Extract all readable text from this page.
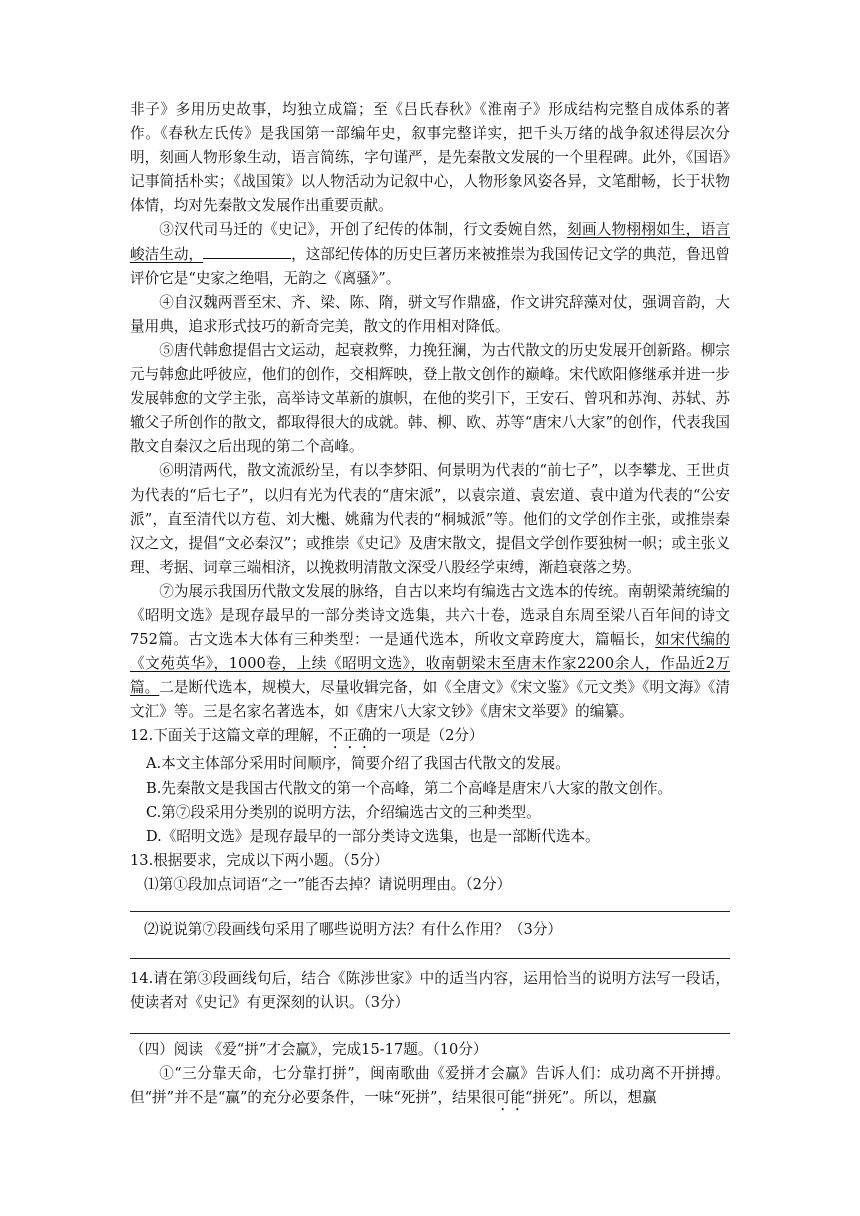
非子》多用历史故事，均独立成篇；至《吕氏春秋》《淮南子》形成结构完整自成体系的著作。《春秋左氏传》是我国第一部编年史，叙事完整详实，把千头万绪的战争叙述得层次分明，刻画人物形象生动，语言简练，字句谨严，是先秦散文发展的一个里程碑。此外，《国语》记事简括朴实；《战国策》以人物活动为记叙中心，人物形象风姿各异，文笔酣畅，长于状物体情，均对先秦散文发展作出重要贡献。

③汉代司马迁的《史记》，开创了纪传的体制，行文委婉自然，刻画人物栩栩如生，语言峻洁生动，	，这部纪传体的历史巨著历来被推崇为我国传记文学的典范，鲁迅曾评价它是“史家之绝唱，无韵之《离骚》”。

④自汉魏两晋至宋、齐、梁、陈、隋，骈文写作鼎盛，作文讲究辞藻对仗，强调音韵，大量用典，追求形式技巧的新奇完美，散文的作用相对降低。

⑤唐代韩愈提倡古文运动，起衰救弊，力挽狂澜，为古代散文的历史发展开创新路。柳宗元与韩愈此呼彼应，他们的创作，交相辉映，登上散文创作的巅峰。宋代欧阳修继承并进一步发展韩愈的文学主张，高举诗文革新的旗帜，在他的奖引下，王安石、曾巩和苏洵、苏轼、苏辙父子所创作的散文，都取得很大的成就。韩、柳、欧、苏等“唐宋八大家”的创作，代表我国散文自秦汉之后出现的第二个高峰。

⑥明清两代，散文流派纷呈，有以李梦阳、何景明为代表的“前七子”，以李攀龙、王世贞为代表的“后七子”，以归有光为代表的“唐宋派”，以袁宗道、袁宏道、袁中道为代表的“公安派”，直至清代以方苞、刘大櫆、姚鼐为代表的“桐城派”等。他们的文学创作主张，或推崇秦汉之文，提倡“文必秦汉”；或推崇《史记》及唐宋散文，提倡文学创作要独树一帜；或主张义理、考据、词章三端相济，以挽救明清散文深受八股经学束缚，渐趋衰落之势。

⑦为展示我国历代散文发展的脉络，自古以来均有编选古文选本的传统。南朝梁萧统编的《昭明文选》是现存最早的一部分类诗文选集，共六十卷，选录自东周至梁八百年间的诗文752篇。古文选本大体有三种类型：一是通代选本，所收文章跨度大，篇幅长，如宋代编的《文苑英华》，1000卷，上续《昭明文选》，收南朝梁末至唐末作家2200余人，作品近2万篇。二是断代选本，规模大，尽量收辑完备，如《全唐文》《宋文鉴》《元文类》《明文海》《清文汇》等。三是名家名著选本，如《唐宋八大家文钞》《唐宋文举要》的编纂。

12.下面关于这篇文章的理解，不正确的一项是（2分）
A.本文主体部分采用时间顺序，简要介绍了我国古代散文的发展。
B.先秦散文是我国古代散文的第一个高峰，第二个高峰是唐宋八大家的散文创作。
C.第⑦段采用分类别的说明方法，介绍编选古文的三种类型。
D.《昭明文选》是现存最早的一部分类诗文选集，也是一部断代选本。
13.根据要求，完成以下两小题。（5分）
⑴第①段加点词语“之一”能否去掉？请说明理由。（2分）
⑵说说第⑦段画线句采用了哪些说明方法？有什么作用？（3分）
14.请在第③段画线句后，结合《陈涉世家》中的适当内容，运用恰当的说明方法写一段话，使读者对《史记》有更深刻的认识。（3分）
（四）阅读 《爱“拼”才会赢》，完成15-17题。（10分）

①“三分靠天命，七分靠打拼”，闽南歌曲《爱拼才会赢》告诉人们：成功离不开拼搏。但“拼”并不是“赢”的充分必要条件，一味“死拼”，结果很可能“拼死”。所以，想赢
